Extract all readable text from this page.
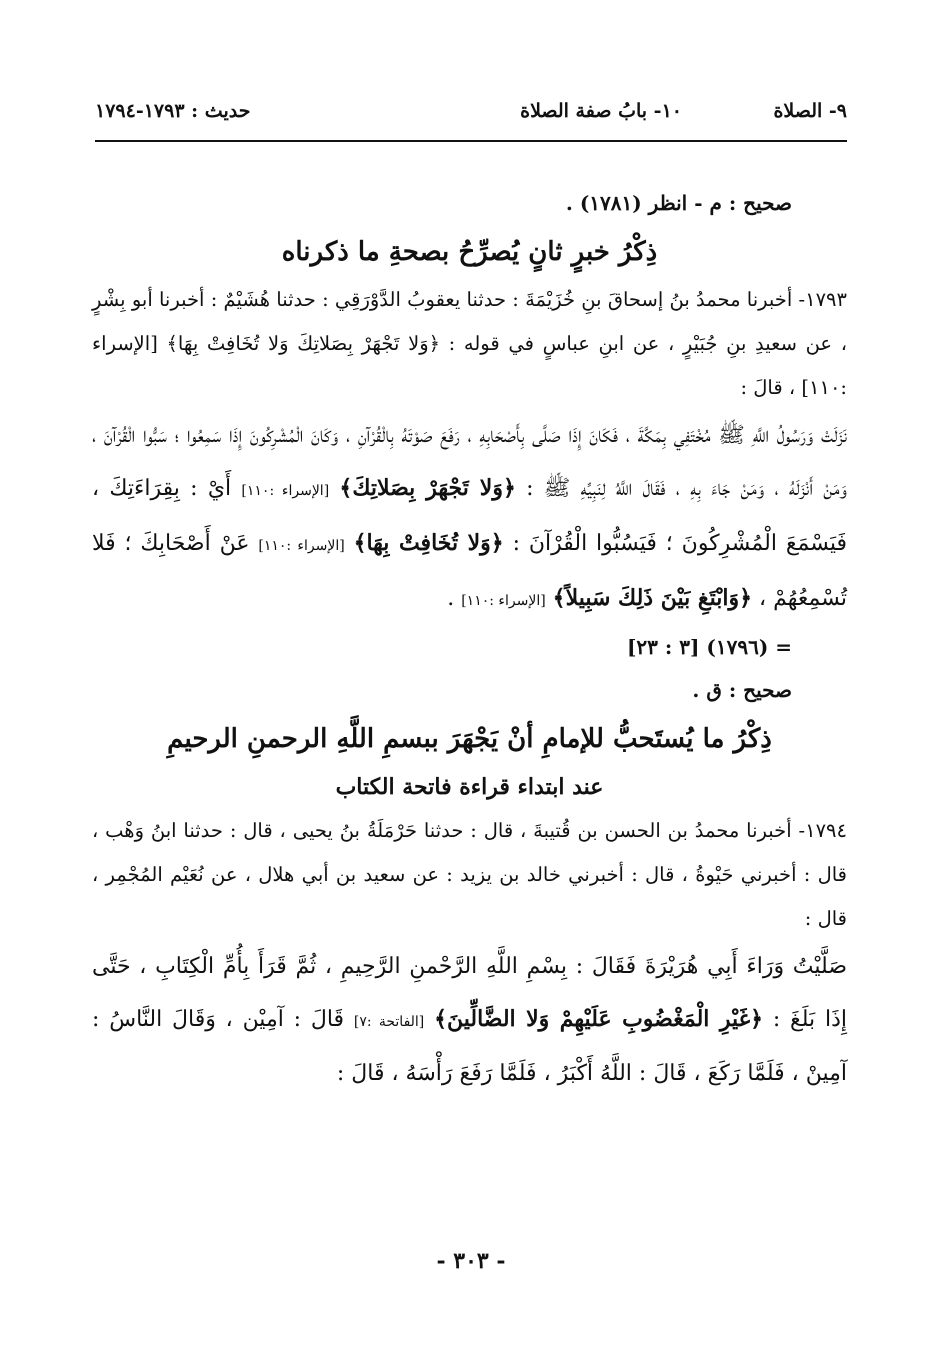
٩- الصلاة
١٠- بابُ صفة الصلاة
حديث : ١٧٩٣-١٧٩٤

صحيح : م - انظر (١٧٨١) .

ذِكْرُ خبرٍ ثانٍ يُصرِّحُ بصحةِ ما ذكرناه

١٧٩٣- أخبرنا محمدُ بنُ إسحاقَ بنِ خُزَيْمَةَ : حدثنا يعقوبُ الدَّوْرَقِي : حدثنا هُشَيْمٌ : أخبرنا أبو بِشْرٍ ، عن سعيدِ بنِ جُبَيْرٍ ، عن ابنِ عباسٍ في قوله : ﴿وَلا تَجْهَرْ بِصَلاتِكَ وَلا تُخَافِتْ بِهَا﴾ [الإسراء :١١٠] ، قالَ :

نَزَلَتْ وَرَسُولُ اللَّهِ ﷺ مُخْتَفِي بِمَكَّةَ ، فَكَانَ إِذَا صَلَّى بِأَصْحَابِهِ ، رَفَعَ صَوْتَهُ بِالْقُرْآنِ ، وَكَانَ الْمُشْرِكُونَ إِذَا سَمِعُوا ؛ سَبُّوا الْقُرْآنَ ، وَمَنْ أَنْزَلَهُ ، وَمَنْ جَاءَ بِهِ ، فَقَالَ اللَّهُ لِنَبِيِّهِ ﷺ : ﴿وَلا تَجْهَرْ بِصَلاتِكَ﴾ [الإسراء :١١٠] أَيْ : بِقِرَاءَتِكَ ، فَيَسْمَعَ الْمُشْرِكُونَ ؛ فَيَسُبُّوا الْقُرْآنَ : ﴿وَلا تُخَافِتْ بِهَا﴾ [الإسراء :١١٠] عَنْ أَصْحَابِكَ ؛ فَلا تُسْمِعُهُمْ ، ﴿وَابْتَغِ بَيْنَ ذَلِكَ سَبِيلاً﴾ [الإسراء :١١٠] .

= (١٧٩٦) [٣ : ٢٣]

صحيح : ق .

ذِكْرُ ما يُستَحبُّ للإمامِ أنْ يَجْهَرَ ببسمِ اللَّهِ الرحمنِ الرحيمِ

عند ابتداء قراءة فاتحة الكتاب

١٧٩٤- أخبرنا محمدُ بن الحسن بن قُتيبةَ ، قال : حدثنا حَرْمَلَةُ بنُ يحيى ، قال : حدثنا ابنُ وَهْب ، قال : أخبرني حَيْوةُ ، قال : أخبرني خالد بن يزيد : عن سعيد بن أبي هلال ، عن نُعَيْم المُجْمِر ، قال :

صَلَّيْتُ وَرَاءَ أَبِي هُرَيْرَةَ فَقَالَ : بِسْمِ اللَّهِ الرَّحْمنِ الرَّحِيمِ ، ثُمَّ قَرَأَ بِأُمِّ الْكِتَابِ ، حَتَّى إِذَا بَلَغَ : ﴿غَيْرِ الْمَغْضُوبِ عَلَيْهِمْ وَلا الضَّالِّينَ﴾ [الفاتحة :٧] قَالَ : آمِيْن ، وَقَالَ النَّاسُ : آمِينْ ، فَلَمَّا رَكَعَ ، قَالَ : اللَّهُ أَكْبَرُ ، فَلَمَّا رَفَعَ رَأْسَهُ ، قَالَ :

- ٣٠٣ -
